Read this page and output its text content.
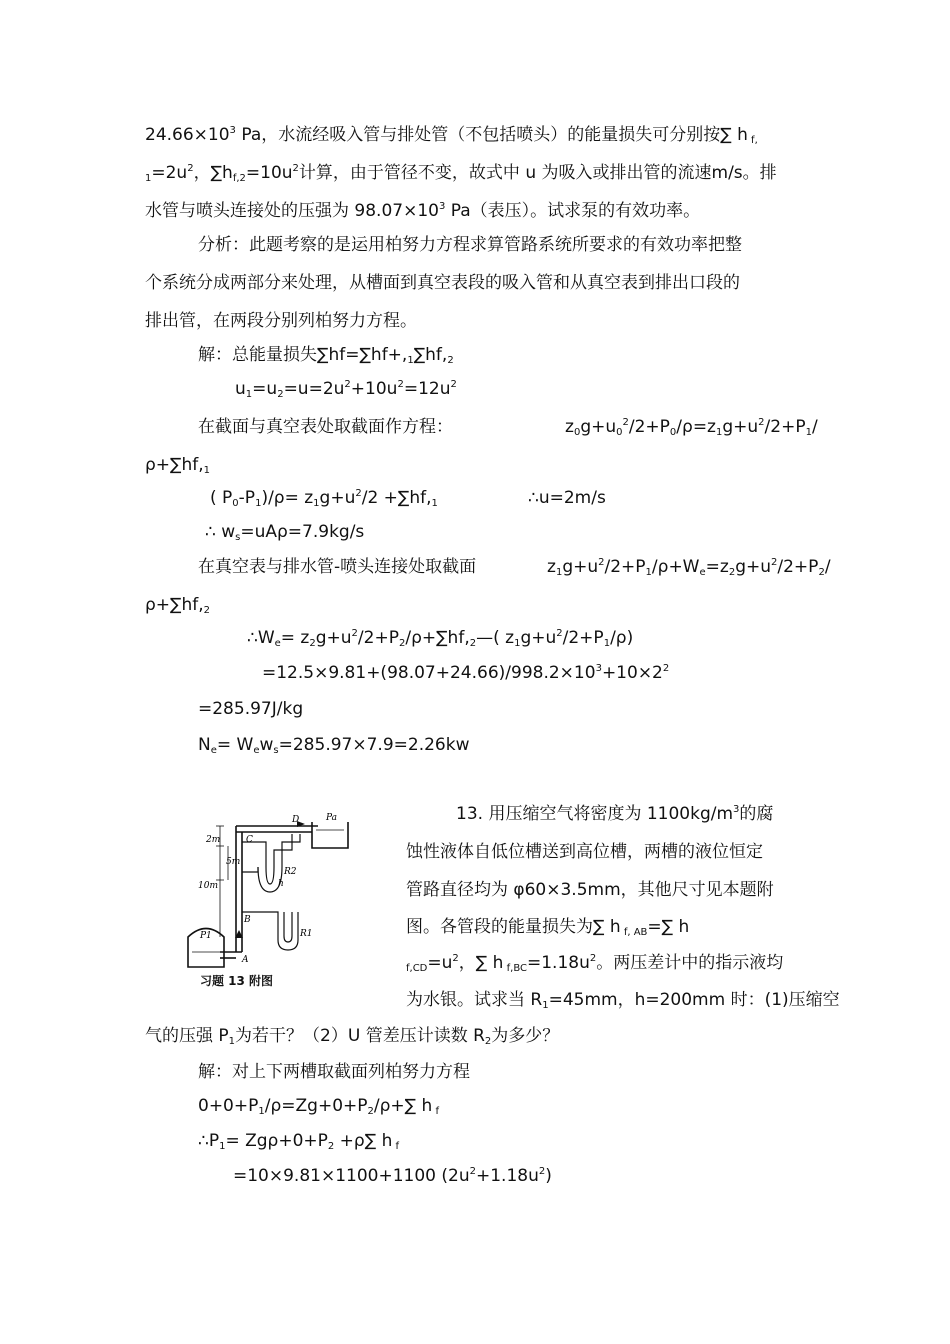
$24.66\times 10^3$ Pa，水流经吸入管与排处管（不包括喷头）的能量损失可分别按∑ h $_{f,}$
$_1=2u^2$，$\sum h_{f,2}=10u^2$计算，由于管径不变，故式中 u 为吸入或排出管的流速m/s。排
水管与喷头连接处的压强为 $98.07\times 10^3$ Pa（表压）。试求泵的有效功率。
分析：此题考察的是运用柏努力方程求算管路系统所要求的有效功率把整
个系统分成两部分来处理，从槽面到真空表段的吸入管和从真空表到排出口段的
排出管，在两段分别列柏努力方程。
解：总能量损失$\sum hf=\sum hf+,_1\sum hf,_2$
$u_1=u_2=u=2u^2+10u^2=12u^2$
在截面与真空表处取截面作方程：	$z_0g+u_0^2/2+P_0/\rho=z_1g+u^2/2+P_1/$
$\rho+\sum hf,_1$
( $P_0-P_1)/\rho= z_1g+u^2/2 +\sum hf,_1$	∴u=2m/s
∴ $w_s=uA\rho=7.9kg/s$
在真空表与排水管-喷头连接处取截面	$z_1g+u^2/2+P_1/\rho+W_e=z_2g+u^2/2+P_2/$
$\rho+\sum hf,_2$
$\therefore W_e=$ $z_2g+u^2/2+P_2/\rho+\sum hf,_2—$( $z_1g+u^2/2+P_1/\rho$)
$=12.5\times 9.81+(98.07+24.66)/998.2\times 10^3+10\times 2^2$
=285.97J/kg
$N_e= W_ew_s=285.97\times 7.9=2.26kw$
13. 用压缩空气将密度为 $1100kg/m^3$的腐
蚀性液体自低位槽送到高位槽，两槽的液位恒定
管路直径均为 φ60×3.5mm，其他尺寸见本题附
图。各管段的能量损失为∑ h $_{f, AB}$=∑ h
$_{f,CD}=u^2$，∑ h $_{f,BC}=1.18u^2$。两压差计中的指示液均
为水银。试求当 $R_1=45mm$，h=200mm 时：(1)压缩空
气的压强 $P_1$为若干？（2）U 管差压计读数 $R_2$为多少？
解：对上下两槽取截面列柏努力方程
$0+0+P_1/\rho=Zg+0+P_2/\rho+\sum$ h $_f$
$\therefore P_1= Zg\rho+0+P_2 +\rho\sum$ h $_f$
=10×9.81×1100+1100 $(2u^2+1.18u^2)$
D	Pa
C
B
A
P1	R1
R2
h
2m
5m
10m
习题 13 附图
